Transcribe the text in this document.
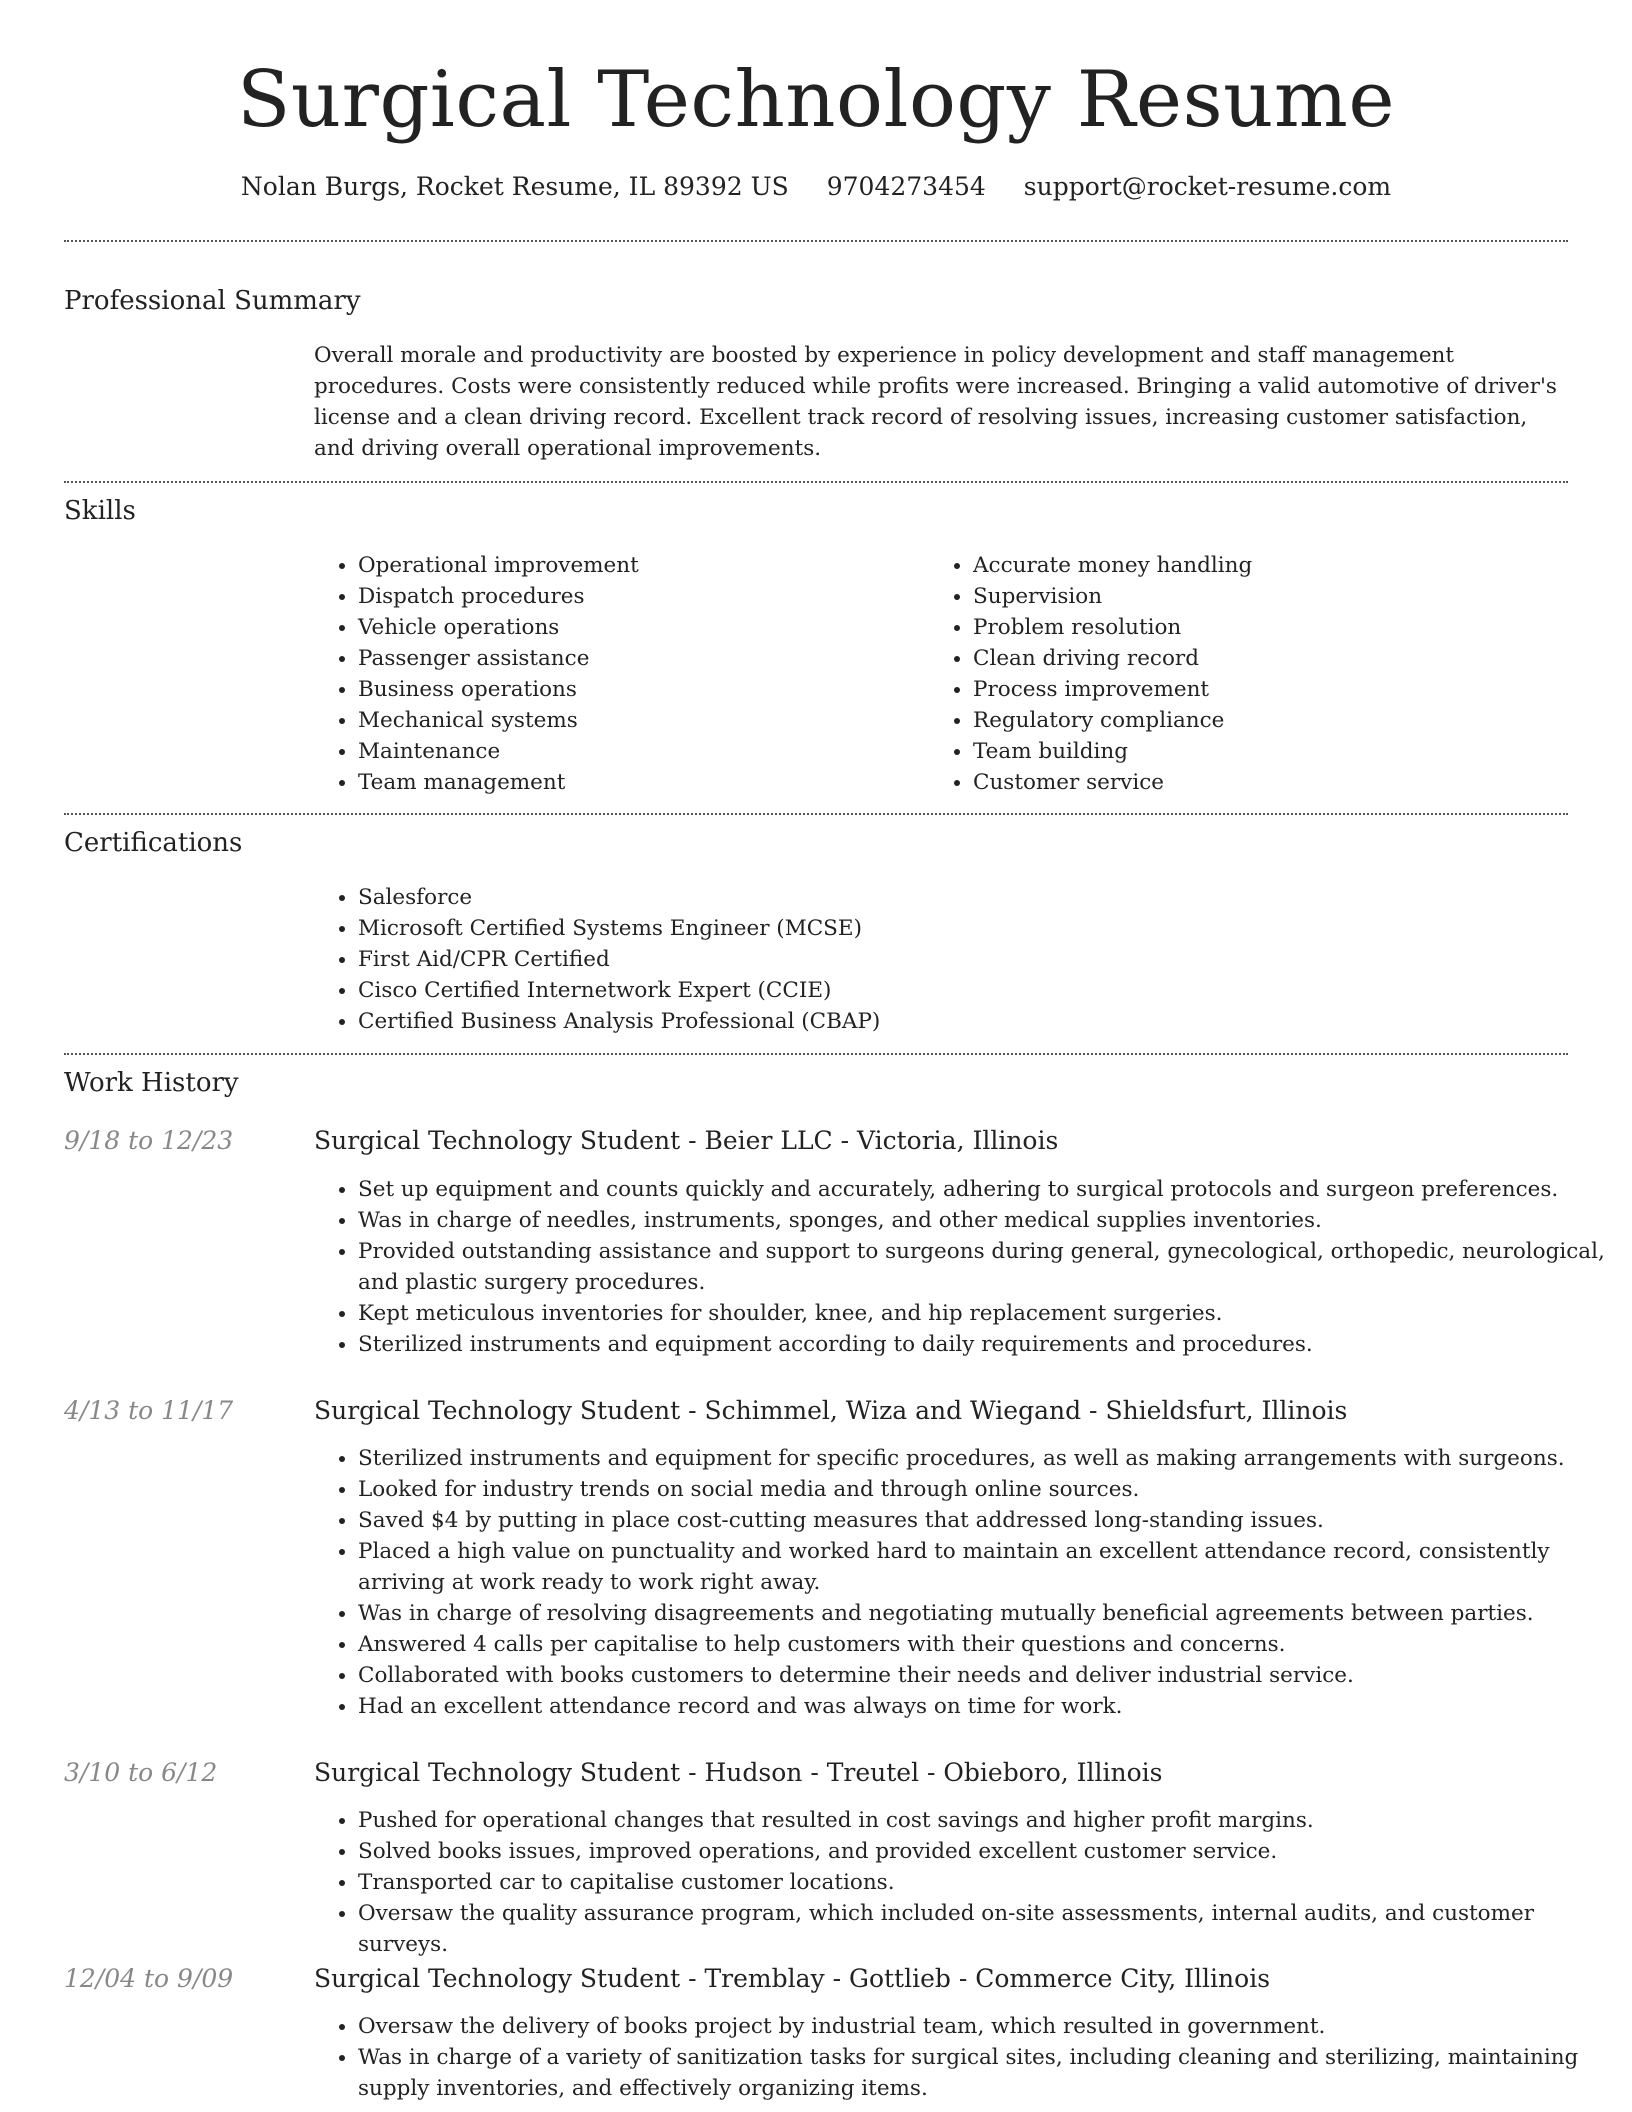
Surgical Technology Resume
Nolan Burgs, Rocket Resume, IL 89392 US 9704273454 support@rocket-resume.com
Professional Summary

Overall morale and productivity are boosted by experience in policy development and staff management procedures. Costs were consistently reduced while profits were increased. Bringing a valid automotive of driver's license and a clean driving record. Excellent track record of resolving issues, increasing customer satisfaction, and driving overall operational improvements.

Skills
• Operational improvement
• Dispatch procedures
• Vehicle operations
• Passenger assistance
• Business operations
• Mechanical systems
• Maintenance
• Team management
• Accurate money handling
• Supervision
• Problem resolution
• Clean driving record
• Process improvement
• Regulatory compliance
• Team building
• Customer service
Certifications
• Salesforce
• Microsoft Certified Systems Engineer (MCSE)
• First Aid/CPR Certified
• Cisco Certified Internetwork Expert (CCIE)
• Certified Business Analysis Professional (CBAP)
Work History
9/18 to 12/23	Surgical Technology Student - Beier LLC - Victoria, Illinois
• Set up equipment and counts quickly and accurately, adhering to surgical protocols and surgeon preferences.
• Was in charge of needles, instruments, sponges, and other medical supplies inventories.
• Provided outstanding assistance and support to surgeons during general, gynecological, orthopedic, neurological, and plastic surgery procedures.
• Kept meticulous inventories for shoulder, knee, and hip replacement surgeries.
• Sterilized instruments and equipment according to daily requirements and procedures.
4/13 to 11/17	Surgical Technology Student - Schimmel, Wiza and Wiegand - Shieldsfurt, Illinois
• Sterilized instruments and equipment for specific procedures, as well as making arrangements with surgeons.
• Looked for industry trends on social media and through online sources.
• Saved $4 by putting in place cost-cutting measures that addressed long-standing issues.
• Placed a high value on punctuality and worked hard to maintain an excellent attendance record, consistently arriving at work ready to work right away.
• Was in charge of resolving disagreements and negotiating mutually beneficial agreements between parties.
• Answered 4 calls per capitalise to help customers with their questions and concerns.
• Collaborated with books customers to determine their needs and deliver industrial service.
• Had an excellent attendance record and was always on time for work.
3/10 to 6/12	Surgical Technology Student - Hudson - Treutel - Obieboro, Illinois
• Pushed for operational changes that resulted in cost savings and higher profit margins.
• Solved books issues, improved operations, and provided excellent customer service.
• Transported car to capitalise customer locations.
• Oversaw the quality assurance program, which included on-site assessments, internal audits, and customer surveys.
12/04 to 9/09	Surgical Technology Student - Tremblay - Gottlieb - Commerce City, Illinois
• Oversaw the delivery of books project by industrial team, which resulted in government.
• Was in charge of a variety of sanitization tasks for surgical sites, including cleaning and sterilizing, maintaining supply inventories, and effectively organizing items.
